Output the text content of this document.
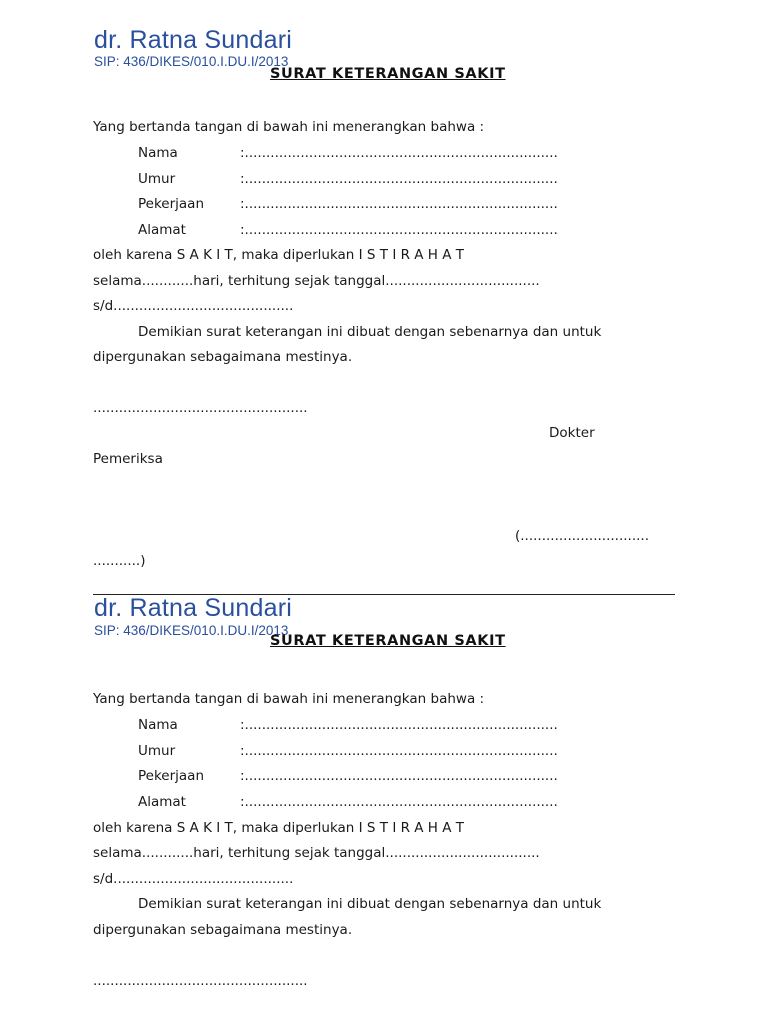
dr. Ratna Sundari
SIP: 436/DIKES/010.I.DU.I/2013
SURAT KETERANGAN SAKIT
Yang bertanda tangan di bawah ini menerangkan bahwa :
Nama	:.........................................................................
Umur	:.........................................................................
Pekerjaan	:.........................................................................
Alamat	:.........................................................................
oleh karena S A K I T, maka diperlukan I S T I R A H A T
selama............hari, terhitung sejak tanggal....................................
s/d..........................................
Demikian surat keterangan ini dibuat dengan sebenarnya dan untuk
dipergunakan sebagaimana mestinya.
..................................................
Dokter
Pemeriksa
(..............................
...........)
dr. Ratna Sundari
SIP: 436/DIKES/010.I.DU.I/2013
SURAT KETERANGAN SAKIT
Yang bertanda tangan di bawah ini menerangkan bahwa :
Nama	:.........................................................................
Umur	:.........................................................................
Pekerjaan	:.........................................................................
Alamat	:.........................................................................
oleh karena S A K I T, maka diperlukan I S T I R A H A T
selama............hari, terhitung sejak tanggal....................................
s/d..........................................
Demikian surat keterangan ini dibuat dengan sebenarnya dan untuk
dipergunakan sebagaimana mestinya.
..................................................
